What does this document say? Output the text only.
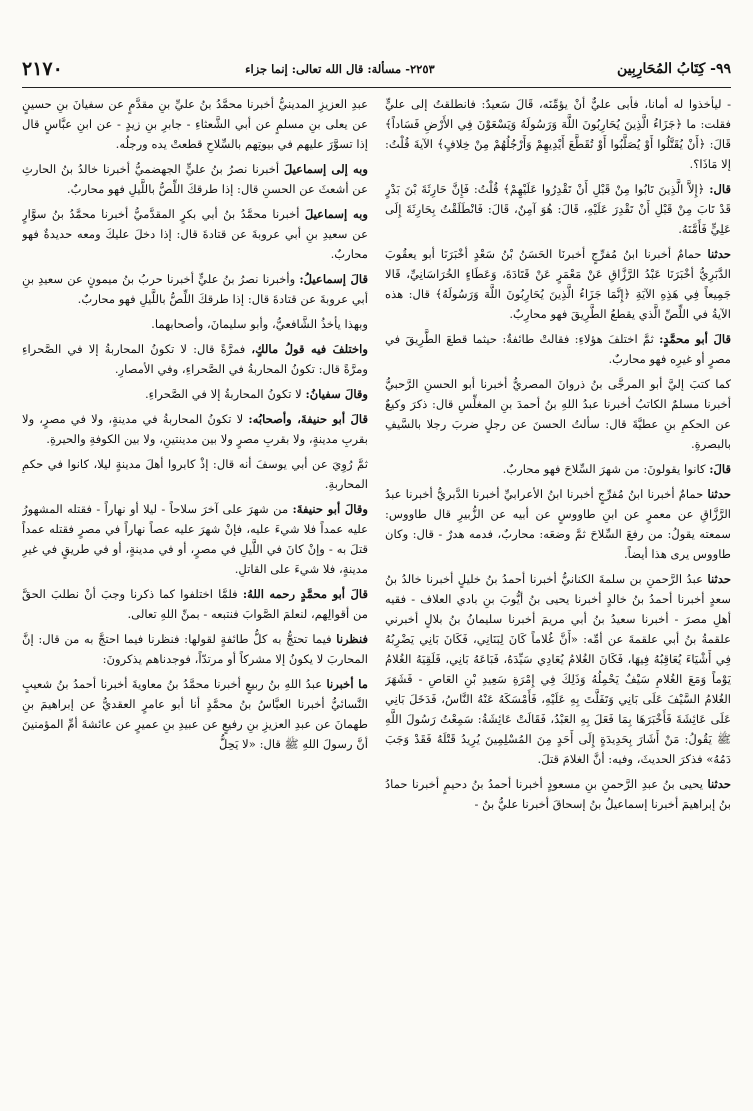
٩٩- كِتَابُ المُحَارِبِين
٢٢٥٣- مسألة: قال الله تعالى: إنما جزاء
٢١٧٠

- ليأخذوا له أمانا، فأبى عليٌّ أنْ يؤمِّنَه، قَالَ سَعيدٌ: فانطلقتُ إلى عليٍّ فقلت: ما ﴿جَزَاءُ الَّذِينَ يُحَارِبُونَ اللَّهَ وَرَسُولَهُ وَيَسْعَوْنَ فِي الأَرْضِ فَسَاداً﴾ قَالَ: ﴿أَنْ يُقَتَّلُوا أَوْ يُصَلَّبُوا أَوْ تُقَطَّعَ أَيْدِيهِمْ وَأَرْجُلُهُمْ مِنْ خِلافٍ﴾ الآيةَ قُلْتُ: إلا مَاذَا؟.

قال: ﴿إِلاَّ الَّذِينَ تَابُوا مِنْ قَبْلِ أَنْ تَقْدِرُوا عَلَيْهِمْ﴾ قُلْتُ: فَإِنَّ حَارِثَةَ بْنَ بَدْرٍ قَدْ تَابَ مِنْ قَبْلِ أَنْ تَقْدِرَ عَلَيْهِ، قَالَ: هُوَ آمِنٌ، قَالَ: فَانْطَلَقْتُ بِحَارِثَةَ إِلَى عَلِيٍّ فَأَمَّنَهُ.

حدثنا حمامٌ أخبرنا ابنُ مُفرِّجٍ أخبرنَا الحَسَنُ بْنُ سَعْدٍ أخْبَرَنَا أبو يعقُوبَ الدَّبَرِيُّ أخْبَرَنَا عَبْدُ الرَّزَّاقِ عَنْ مَعْمَرٍ عَنْ قَتَادَةَ، وَعَطَاءٍ الخُرَاسَانِيِّ، قَالا جَمِيعاً فِي هَذِهِ الآيَةِ ﴿إِنَّمَا جَزَاءُ الَّذِينَ يُحَارِبُونَ اللَّهَ وَرَسُولَهُ﴾ قال: هذه الآيةُ في اللِّصِّ الَّذي يقطعُ الطَّرِيقَ فهو محارِبٌ.

قالَ أبو محمَّدٍ: ثمَّ اختلفَ هؤلاءِ: فقالتْ طائفةٌ: حيثما قطعَ الطَّرِيقَ في مصرٍ أو غيرِه فهو محاربٌ.

كما كتبَ إليَّ أبو المرجَّى بنُ ذروانَ المصريُّ أخبرنا أبو الحسنِ الرَّحبيُّ أخبرنا مسلمٌ الكاتبُ أخبرنا عبدُ اللهِ بنُ أحمدَ بنِ المغلِّسِ قال: ذكرَ وكيعٌ عن الحكمِ بنِ عطيَّةَ قال: سألتُ الحسنَ عن رجلٍ ضربَ رجلا بالسَّيفِ بالبصرةِ.

قالَ: كانوا يقولونَ: من شهرَ السِّلاحَ فهو محاربٌ.

حدثنا حمامٌ أخبرنا ابنُ مُفرِّجٍ أخبرنا ابنُ الأعرابيِّ أخبرنا الدَّبريُّ أخبرنا عبدُ الرَّزَّاقِ عن معمرٍ عن ابنِ طاووسٍ عن أبيه عن الزُّبيرِ قال طاووس: سمعته يقولُ: من رفعَ السِّلاحَ ثمَّ وضعَه: محاربٌ، فدمه هدرٌ - قال: وكان طاووس يرى هذا أيضاً.

حدثنا عبدُ الرَّحمنِ بن سلمةَ الكنانيُّ أخبرنا أحمدُ بنُ خليلٍ أخبرنا خالدُ بنُ سعدٍ أخبرنا أحمدُ بنُ خالدٍ أخبرنا يحيى بنُ أيُّوبَ بنِ بادي العلاف - فقيه أهلِ مصرَ - أخبرنا سعيدُ بنُ أبي مريمَ أخبرنا سليمانُ بنُ بلالٍ أخبرني علقمةُ بنُ أبي علقمةَ عن أمِّه: «أَنَّ غُلاماً كَانَ لِبَنَانِي، فَكَانَ بَانِي يَضْرِبُهُ فِي أَشْيَاءَ يُعَاقِبُهُ فِيهَا، فَكَانَ الغُلامُ يُعَادِي سَيِّدَهُ، فَبَاعَهُ بَانِي، فَلَقِيَهُ الغُلامُ يَوْماً وَمَعَ الغُلامِ سَيْفٌ يَحْمِلُهُ وَذَلِكَ فِي إِمْرَةِ سَعِيدِ بْنِ العَاصِ - فَشَهَرَ الغُلامُ السَّيْفَ عَلَى بَانِي وَتَفَلَّتَ بِهِ عَلَيْهِ، فَأَمْسَكَهُ عَنْهُ النَّاسُ، فَدَخَلَ بَانِي عَلَى عَائِشَةَ فَأَخْبَرَهَا بِمَا فَعَلَ بِهِ العَبْدُ، فَقَالَتْ عَائِشَةُ: سَمِعْتُ رَسُولَ اللَّهِ ﷺ يَقُولُ: مَنْ أَشَارَ بِحَدِيدَةٍ إِلَى أَحَدٍ مِنَ المُسْلِمِينَ يُرِيدُ قَتْلَهُ فَقَدْ وَجَبَ دَمُهُ» فذكرَ الحديثَ، وفيه: أنَّ الغلامَ قتلَ.

حدثنا يحيى بنُ عبدِ الرَّحمنِ بنِ مسعودٍ أخبرنا أحمدُ بنُ دحيمٍ أخبرنا حمادُ بنُ إبراهيمَ أخبرنا إسماعيلُ بنُ إسحاقَ أخبرنا عليُّ بنُ -

عبدِ العزيزِ المدينيُّ أخبرنا محمَّدُ بنُ عليِّ بنِ مقدَّمٍ عن سفيانَ بنِ حسينٍ عن يعلى بنِ مسلمٍ عن أبي الشَّعثاءِ - جابرِ بنِ زيدٍ - عن ابنِ عبَّاسٍ قال إذا تسوَّرَ عليهم في بيوتِهم بالسِّلاحِ قطعتْ يده ورجلُه.

وبه إلى إسماعيلَ أخبرنا نصرُ بنُ عليٍّ الجهضميُّ أخبرنا خالدُ بنُ الحارثِ عن أشعثَ عن الحسنِ قال: إذا طرقكَ اللِّصُّ باللَّيلِ فهو محاربٌ.

وبه إسماعيلَ أخبرنا محمَّدُ بنُ أبي بكرٍ المقدَّميُّ أخبرنا محمَّدُ بنُ سوَّارٍ عن سعيدِ بنِ أبي عروبةَ عن قتادةَ قال: إذا دخلَ عليكَ ومعه حديدةٌ فهو محاربٌ.

قالَ إسماعيلُ: وأخبرنا نصرُ بنُ عليٍّ أخبرنا حربُ بنُ ميمونٍ عن سعيدِ بنِ أبي عروبةَ عن قتادةَ قال: إذا طرقكَ اللِّصُّ باللَّيلِ فهو محاربٌ.

وبهذا يأخذُ الشَّافعيُّ، وأبو سليمانَ، وأصحابهما.

واختلفَ فيه قولُ مالكٍ، فمرَّةً قال: لا تكونُ المحاربةُ إلا في الصَّحراءِ ومرَّةً قال: تكونُ المحاربةُ في الصَّحراءِ، وفي الأمصارِ.

وقالَ سفيانُ: لا تكونُ المحاربةُ إلا في الصَّحراءِ.

قالَ أبو حنيفةَ، وأصحابُه: لا تكونُ المحاربةُ في مدينةٍ، ولا في مصرٍ، ولا بقربِ مدينةٍ، ولا بقربِ مصرٍ ولا بين مدينتينِ، ولا بين الكوفةِ والحيرةِ.

ثمَّ رُوِيَ عن أبي يوسفَ أنه قال: إذْ كابروا أهلَ مدينةٍ ليلا، كانوا في حكمِ المحاربةِ.

وقالَ أبو حنيفةَ: من شهرَ على آخرَ سلاحاً - ليلا أو نهاراً - فقتله المشهورُ عليه عمداً فلا شيءَ عليه، فإنْ شهرَ عليه عصاً نهاراً في مصرٍ فقتله عمداً قتلَ به - وإنْ كانَ في اللَّيلِ في مصرٍ، أو في مدينةٍ، أو في طريقٍ في غيرِ مدينةٍ، فلا شيءَ على القاتلِ.

قالَ أبو محمَّدٍ رحمه اللهُ: فلمَّا اختلفوا كما ذكرنا وجبَ أنْ نطلبَ الحقَّ من أقوالِهم، لنعلمَ الصَّوابَ فنتبعه - بمنِّ اللهِ تعالى.

فنظرنا فيما تحتجُّ به كلُّ طائفةٍ لقولها: فنظرنا فيما احتجَّ به من قال: إنَّ المحاربَ لا يكونُ إلا مشركاً أو مرتدّاً، فوجدناهم يذكرونَ:

ما أخبرنا عبدُ اللهِ بنُ ربيعٍ أخبرنا محمَّدُ بنُ معاويةَ أخبرنا أحمدُ بنُ شعيبٍ النَّسائيُّ أخبرنا العبَّاسُ بنُ محمَّدٍ أنا أبو عامرٍ العقديُّ عن إبراهيمَ بنِ طهمانَ عن عبدِ العزيزِ بنِ رفيعٍ عن عبيدِ بنِ عميرٍ عن عائشةَ أمِّ المؤمنينَ أنَّ رسولَ اللهِ ﷺ قال: «لا يَحِلُّ
